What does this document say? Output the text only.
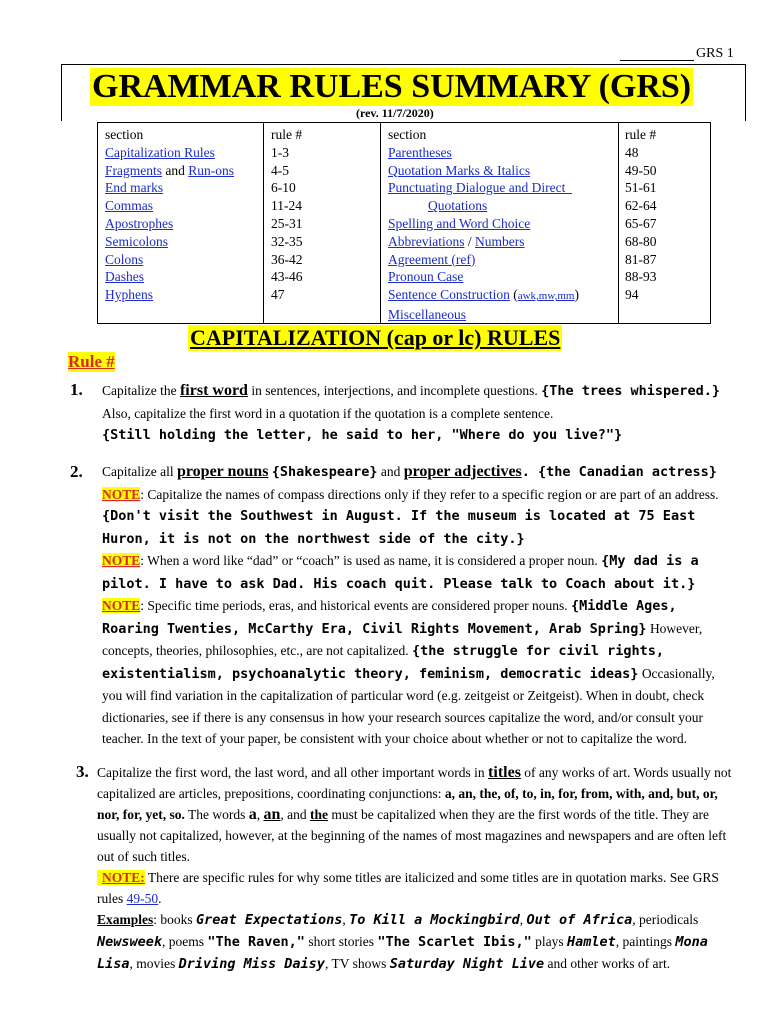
GRS 1
GRAMMAR RULES SUMMARY (GRS)
(rev. 11/7/2020)
section
Capitalization Rules
Fragments and Run-ons
End marks
Commas
Apostrophes
Semicolons
Colons
Dashes
Hyphens
rule #
1-3
4-5
6-10
11-24
25-31
32-35
36-42
43-46
47
section
Parentheses
Quotation Marks & Italics
Punctuating Dialogue and Direct
Quotations
Spelling and Word Choice
Abbreviations / Numbers
Agreement (ref)
Pronoun Case
Sentence Construction (awk,mw,mm)
Miscellaneous
rule #
48
49-50
51-61
62-64
65-67
68-80
81-87
88-93
94
CAPITALIZATION (cap or lc) RULES
Rule #
1. Capitalize the first word in sentences, interjections, and incomplete questions. {The trees whispered.} Also, capitalize the first word in a quotation if the quotation is a complete sentence.
{Still holding the letter, he said to her, "Where do you live?"}
2. Capitalize all proper nouns {Shakespeare} and proper adjectives. {the Canadian actress}
NOTE: Capitalize the names of compass directions only if they refer to a specific region or are part of an address. {Don't visit the Southwest in August. If the museum is located at 75 East Huron, it is not on the northwest side of the city.}
NOTE: When a word like “dad” or “coach” is used as name, it is considered a proper noun. {My dad is a pilot. I have to ask Dad. His coach quit. Please talk to Coach about it.}
NOTE: Specific time periods, eras, and historical events are considered proper nouns. {Middle Ages, Roaring Twenties, McCarthy Era, Civil Rights Movement, Arab Spring} However, concepts, theories, philosophies, etc., are not capitalized. {the struggle for civil rights, existentialism, psychoanalytic theory, feminism, democratic ideas} Occasionally, you will find variation in the capitalization of particular word (e.g. zeitgeist or Zeitgeist). When in doubt, check dictionaries, see if there is any consensus in how your research sources capitalize the word, and/or consult your teacher. In the text of your paper, be consistent with your choice about whether or not to capitalize the word.
3. Capitalize the first word, the last word, and all other important words in titles of any works of art. Words usually not capitalized are articles, prepositions, coordinating conjunctions: a, an, the, of, to, in, for, from, with, and, but, or, nor, for, yet, so. The words a, an, and the must be capitalized when they are the first words of the title. They are usually not capitalized, however, at the beginning of the names of most magazines and newspapers and are often left out of such titles.
NOTE: There are specific rules for why some titles are italicized and some titles are in quotation marks. See GRS rules 49-50.
Examples: books Great Expectations, To Kill a Mockingbird, Out of Africa, periodicals Newsweek, poems "The Raven," short stories "The Scarlet Ibis," plays Hamlet, paintings Mona Lisa, movies Driving Miss Daisy, TV shows Saturday Night Live and other works of art.
